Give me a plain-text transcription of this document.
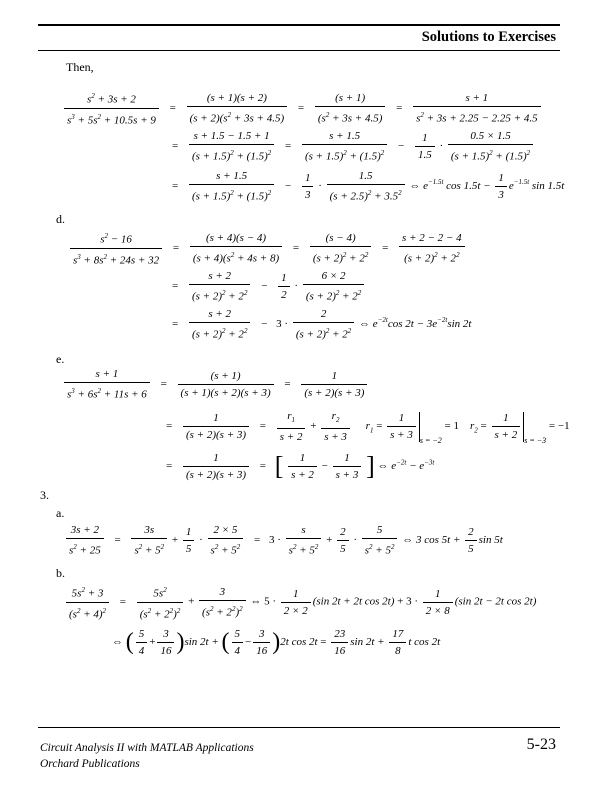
Solutions to Exercises
Then,
$\frac{s^2 + 3s + 2}{s^3 + 5s^2 + 10.5s + 9} = \frac{(s + 1)(s + 2)}{(s + 2)(s^2 + 3s + 4.5)} = \frac{(s + 1)}{(s^2 + 3s + 4.5)} = \frac{s + 1}{s^2 + 3s + 2.25 - 2.25 + 4.5}$
= $\frac{s + 1.5 - 1.5 + 1}{(s + 1.5)^2 + (1.5)^2} = \frac{s + 1.5}{(s + 1.5)^2 + (1.5)^2} - \frac{1}{1.5} \cdot \frac{0.5 \times 1.5}{(s + 1.5)^2 + (1.5)^2}$
= $\frac{s + 1.5}{(s + 1.5)^2 + (1.5)^2} - \frac{1}{3} \cdot \frac{1.5}{(s + 2.5)^2 + 3.5^2}$ ⇔ $e^{-1.5t}$ $\cos 1.5t - \frac{1}{3} e^{-1.5t}$ sin 1.5t
d.
$\frac{s^2 - 16}{s^3 + 8s^2 + 24s + 32} = \frac{(s + 4)(s - 4)}{(s + 4)(s^2 + 4s + 8)} = \frac{(s - 4)}{(s + 2)^2 + 2^2} = \frac{s + 2 - 2 - 4}{(s + 2)^2 + 2^2}$
= $\frac{s + 2}{(s + 2)^2 + 2^2} - \frac{1}{2} \cdot \frac{6 \times 2}{(s + 2)^2 + 2^2}$
= $\frac{s + 2}{(s + 2)^2 + 2^2} - 3 \cdot \frac{2}{(s + 2)^2 + 2^2}$ ⇔ $e^{-2t}\cos$ $2t - 3e^{-2t}\sin$ 2t
e.
$\frac{s + 1}{s^3 + 6s^2 + 11s + 6} = \frac{(s + 1)}{(s + 1)(s + 2)(s + 3)} = \frac{1}{(s + 2)(s + 3)}$
= $\frac{1}{(s + 2)(s + 3)} = \frac{r_1}{s + 2} + \frac{r_2}{s + 3} r_1 = \frac{1}{s + 3} _{s = -2} = 1$    $r_2 = \frac{1}{s + 2} _{s = -3} = -1$
= $\frac{1}{(s + 2)(s + 3)}$ = [ $\frac{1}{s + 2} - \frac{1}{s + 3}$ ] ⇔ $e^{-2t} - e^{-3t}$
3.
a.
$\frac{3s + 2}{s^2 + 25} = \frac{3s}{s^2 + 5^2} + \frac{1}{5} \cdot \frac{2 \times 5}{s^2 + 5^2} = 3 \cdot \frac{s}{s^2 + 5^2} + \frac{2}{5} \cdot \frac{5}{s^2 + 5^2}$ ⇔ 3 $\cos 5t + \frac{2}{5}$ sin 5t
b.
$\frac{5s^2 + 3}{(s^2 + 4)^2} = \frac{5s^2}{(s^2 + 2^2)^2} + \frac{3}{(s^2 + 2^2)^2}$ ⇔ $5 \cdot \frac{1}{2 \times 2} (\sin$ 2t + 2t $\cos 2t) + 3 \cdot \frac{1}{2 \times 8} (\sin$ 2t − 2t cos 2t)
⇔ ( $\frac{5}{4} + \frac{3}{16} )\sin$ 2t + ( $\frac{5}{4} - \frac{3}{16} )2t$ $\cos 2t = \frac{23}{16}$ $\sin 2t + \frac{17}{8}$ t cos 2t
Circuit Analysis II with MATLAB Applications
Orchard Publications
5-23
